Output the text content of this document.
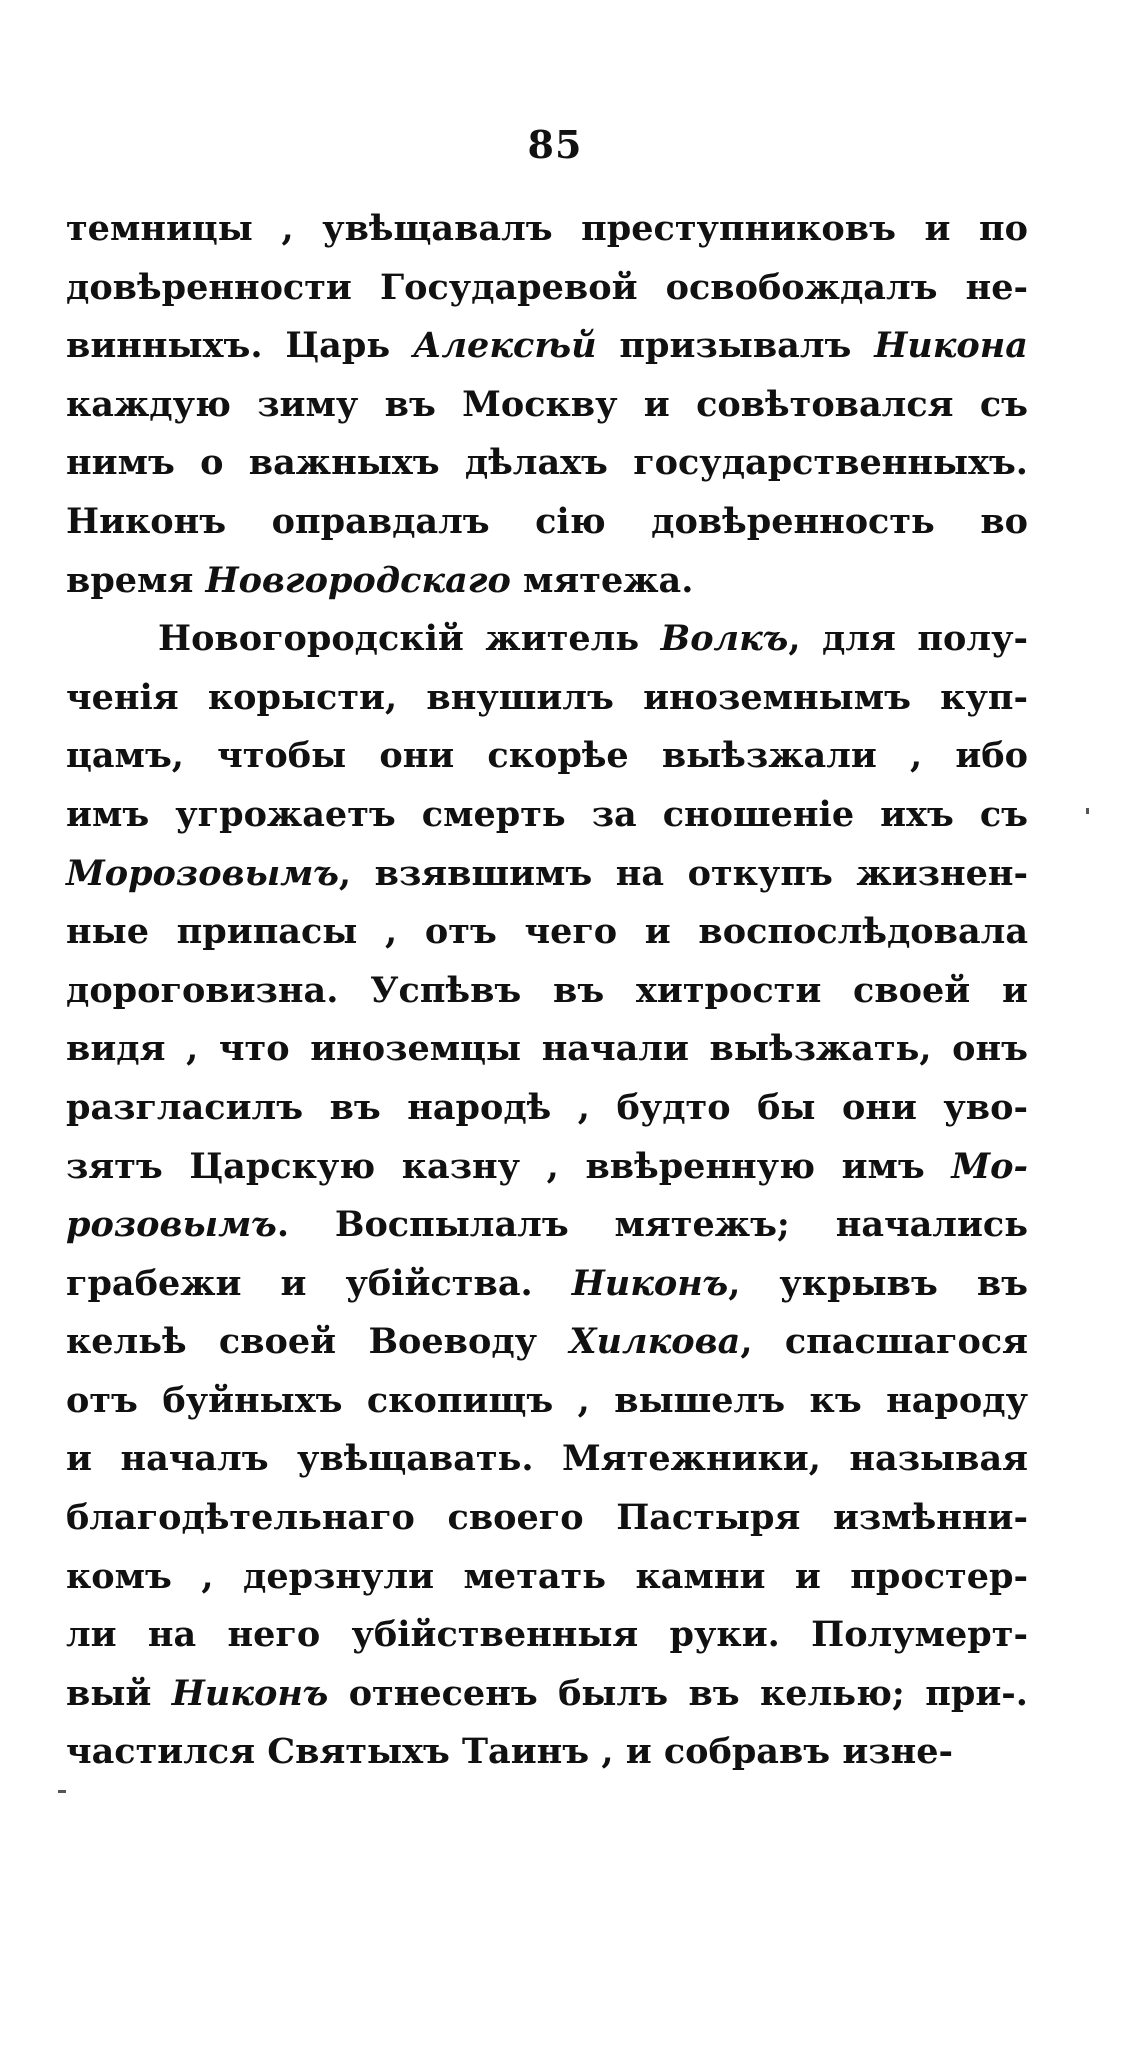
85
темницы , увѣщавалъ преступниковъ и по
довѣренности Государевой освобождалъ не-
винныхъ. Царь Алексѣй призывалъ Никона
каждую зиму въ Москву и совѣтовался съ
нимъ о важныхъ дѣлахъ государственныхъ.
Никонъ оправдалъ сію довѣренность во
время Новгородскаго мятежа.
Новогородскій житель Волкъ, для полу-
ченія корысти, внушилъ иноземнымъ куп-
цамъ, чтобы они скорѣе выѣзжали , ибо
имъ угрожаетъ смерть за сношеніе ихъ съ
Морозовымъ, взявшимъ на откупъ жизнен-
ные припасы , отъ чего и воспослѣдовала
дороговизна. Успѣвъ въ хитрости своей и
видя , что иноземцы начали выѣзжать, онъ
разгласилъ въ народѣ , будто бы они уво-
зятъ Царскую казну , ввѣренную имъ Мо-
розовымъ. Воспылалъ мятежъ; начались
грабежи и убійства. Никонъ, укрывъ въ
кельѣ своей Воеводу Хилкова, спасшагося
отъ буйныхъ скопищъ , вышелъ къ народу
и началъ увѣщавать. Мятежники, называя
благодѣтельнаго своего Пастыря измѣнни-
комъ , дерзнули метать камни и простер-
ли на него убійственныя руки. Полумерт-
вый Никонъ отнесенъ былъ въ келью; при-.
частился Святыхъ Таинъ , и собравъ изне-
